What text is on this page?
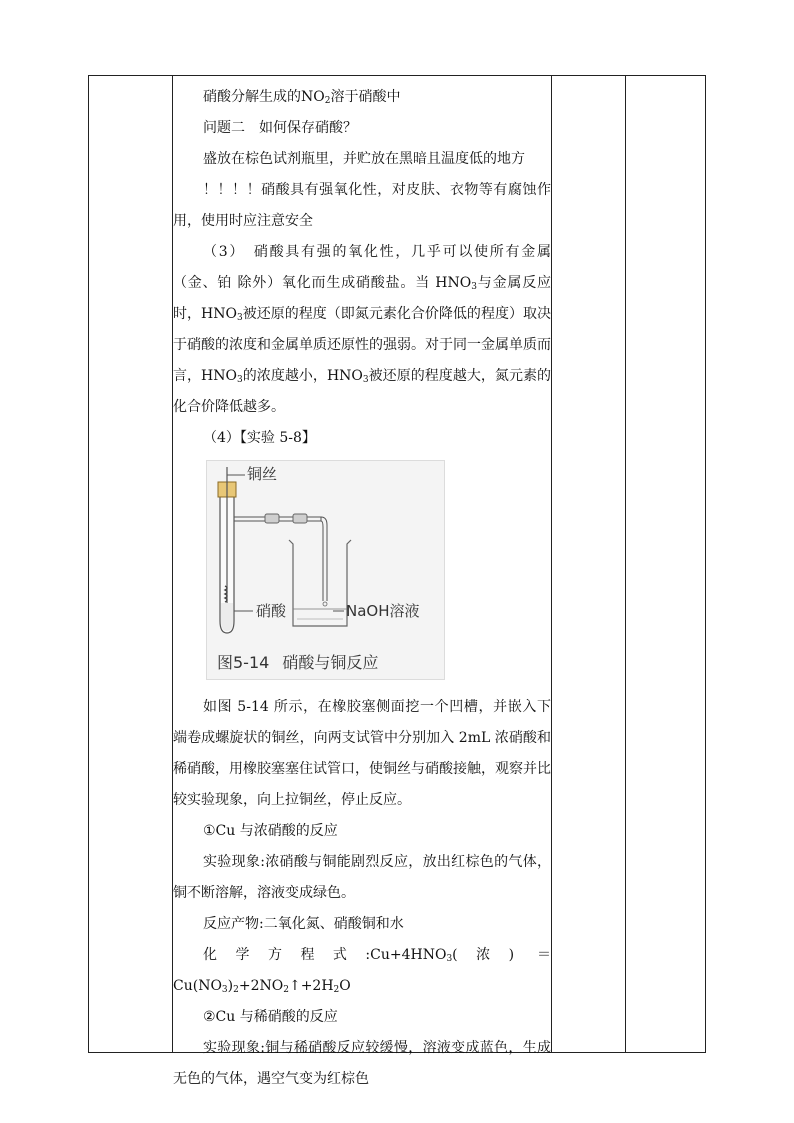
硝酸分解生成的$NO_2$溶于硝酸中

问题二　如何保存硝酸？

盛放在棕色试剂瓶里，并贮放在黑暗且温度低的地方

！！！！硝酸具有强氧化性，对皮肤、衣物等有腐蚀作用，使用时应注意安全

（3）　硝酸具有强的氧化性，几乎可以使所有金属（金、铂 除外）氧化而生成硝酸盐。当 $HNO_3$与金属反应时，$HNO_3$被还原的程度（即氮元素化合价降低的程度）取决于硝酸的浓度和金属单质还原性的强弱。对于同一金属单质而言，$HNO_3$的浓度越小，$HNO_3$被还原的程度越大，氮元素的化合价降低越多。

（4）【实验 5-8】

铜丝
硝酸	NaOH溶液
图5-14 硝酸与铜反应

如图 5-14 所示，在橡胶塞侧面挖一个凹槽，并嵌入下端卷成螺旋状的铜丝，向两支试管中分别加入 2mL 浓硝酸和稀硝酸，用橡胶塞塞住试管口，使铜丝与硝酸接触，观察并比较实验现象，向上拉铜丝，停止反应。

①Cu 与浓硝酸的反应

实验现象:浓硝酸与铜能剧烈反应，放出红棕色的气体，铜不断溶解，溶液变成绿色。

反应产物:二氧化氮、硝酸铜和水

化学方程式$:Cu+4HNO_3$(浓) $=Cu(NO_3)_2+2NO_2↑+2H_2O$

②Cu 与稀硝酸的反应

实验现象:铜与稀硝酸反应较缓慢，溶液变成蓝色，生成无色的气体，遇空气变为红棕色
